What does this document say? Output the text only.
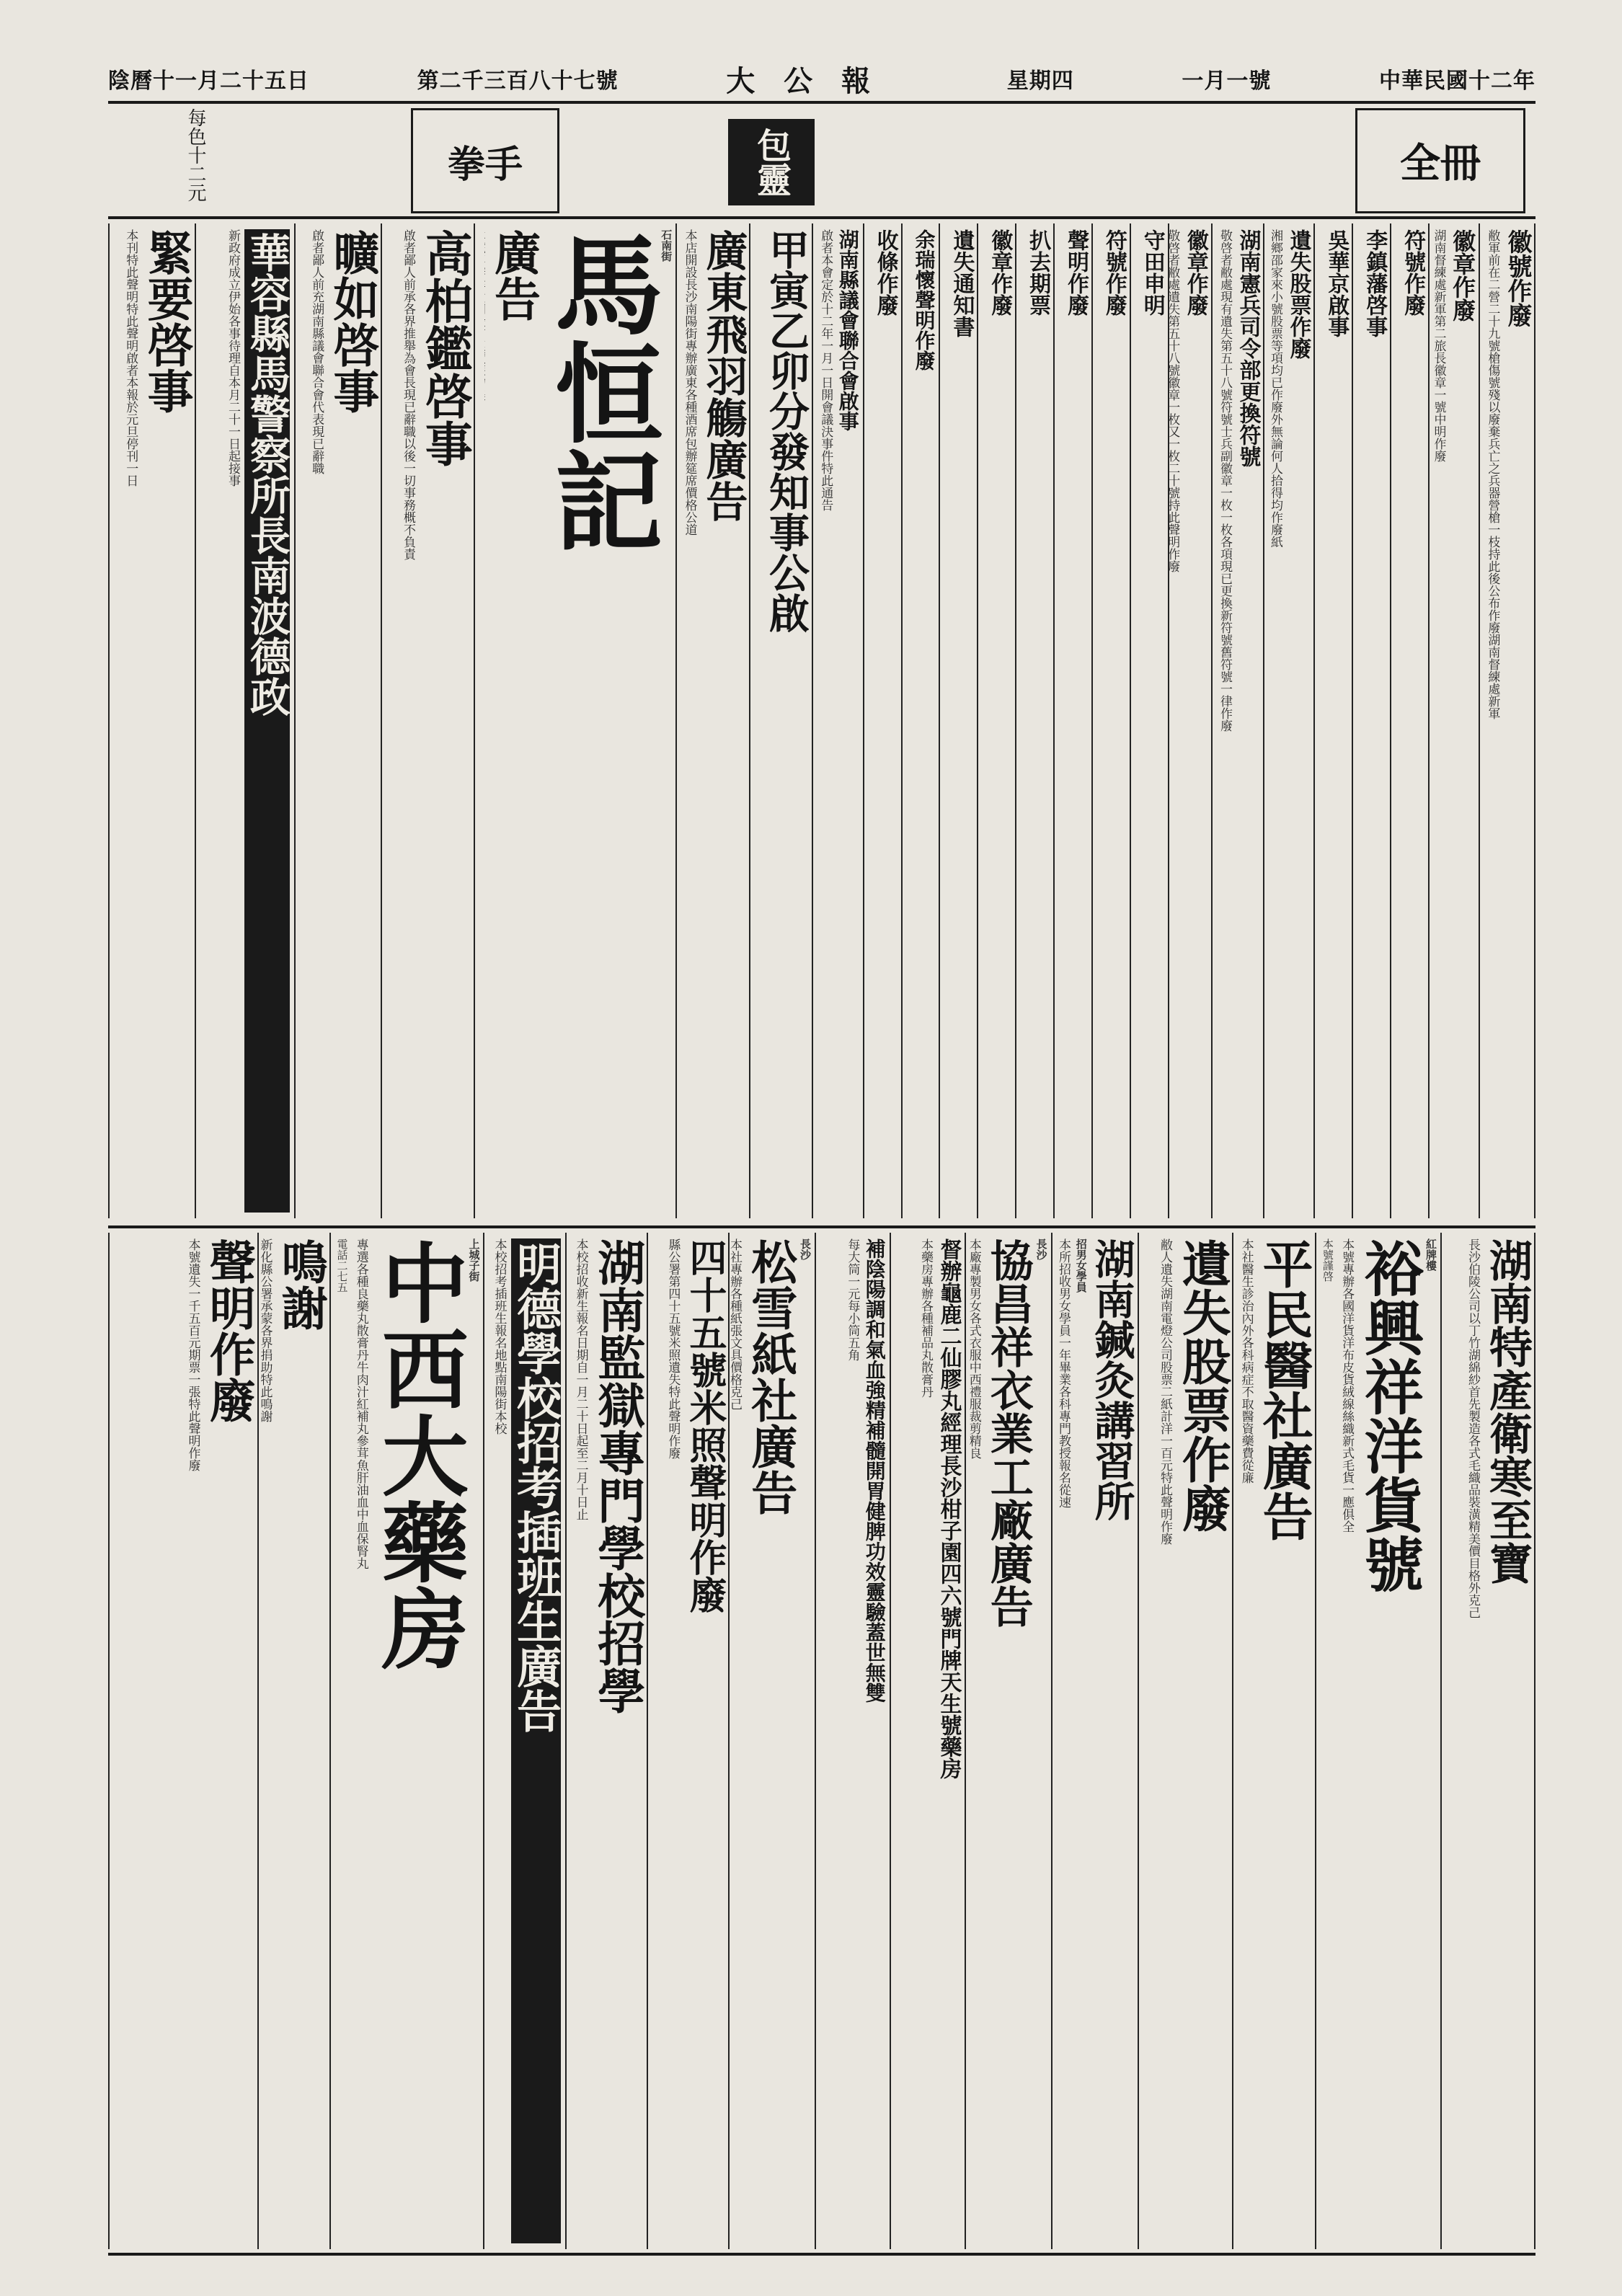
陰曆十一月二十五日	第二千三百八十七號	大公報	星期四	一月一號	中華民國十二年
全冊
包靈
拳手
每色十二元
徽號作廢
敝軍前在二營二十九號槍傷號殘以廢棄兵亡之兵器營槍一枝持此後公布作廢湖南督練處新軍
徽章作廢
湖南督練處新軍第二旅長徽章一號中明作廢
符號作廢
李鎮藩啓事
吳華京啟事
遺失股票作廢
湘鄉邵家來小號股票等項均已作廢外無論何人拾得均作廢紙
湖南憲兵司令部更換符號
敬啓者敝處現有遺失第五十八號符號士兵副徽章一枚一枚各項現已更換新符號舊符號一律作廢
徽章作廢
敬啓者敝處遺失第五十八號徽章一枚又一枚二十號持此聲明作廢
守田申明
符號作廢
聲明作廢
扒去期票
徽章作廢
遺失通知書
余瑞懷聲明作廢
收條作廢
湖南縣議會聯合會啟事
啟者本會定於十二年一月一日開會議決事件特此通告
甲寅乙卯分發知事公啟
廣東飛羽觴廣告
本店開設長沙南陽街專辦廣東各種酒席包辦筵席價格公道
石南街
馬恒記
廣告
高柏鑑啓事
啟者鄙人前承各界推舉為會長現已辭職以後一切事務概不負責
曠如啓事
啟者鄙人前充湖南縣議會聯合會代表現已辭職
華容縣馬警察所長南波德政
新政府成立伊始各事待理自本月二十一日起接事
緊要啓事
本刊特此聲明特此聲明啟者本報於元旦停刊一日
湖南特產衛寒至寶
長沙伯陵公司以丁竹湖綿紗首先製造各式毛織品裝潢精美價目格外克己
紅牌樓
裕興祥洋貨號
本號專辦各國洋貨洋布皮貨絨線絲織新式毛貨一應俱全
本號謹啓
平民醫社廣告
本社醫生診治內外各科病症不取醫資藥費從廉
遺失股票作廢
敝人遺失湖南電燈公司股票二紙計洋一百元特此聲明作廢
湖南鍼灸講習所
招男女學員
本所招收男女學員一年畢業各科專門教授報名從速
長沙
協昌祥衣業工廠廣告
本廠專製男女各式衣服中西禮服裁剪精良
督辦龜鹿二仙膠丸經理長沙柑子園四六號門牌天生號藥房
本藥房專辦各種補品丸散膏丹
補陰陽調和氣血強精補髓開胃健脾功效靈驗蓋世無雙
每大筒一元每小筒五角
長沙
松雪紙社廣告
本社專辦各種紙張文具價格克己
四十五號米照聲明作廢
縣公署第四十五號米照遺失特此聲明作廢
湖南監獄專門學校招學
本校招收新生報名日期自一月二十日起至二月十日止
明德學校招考插班生廣告
本校招考插班生報名地點南陽街本校
上城子街
中西大藥房
專選各種良藥丸散膏丹牛肉汁紅補丸參茸魚肝油血中血保腎丸
電話二七五
鳴謝
新化縣公署承蒙各界捐助特此鳴謝
聲明作廢
本號遺失一千五百元期票一張特此聲明作廢
